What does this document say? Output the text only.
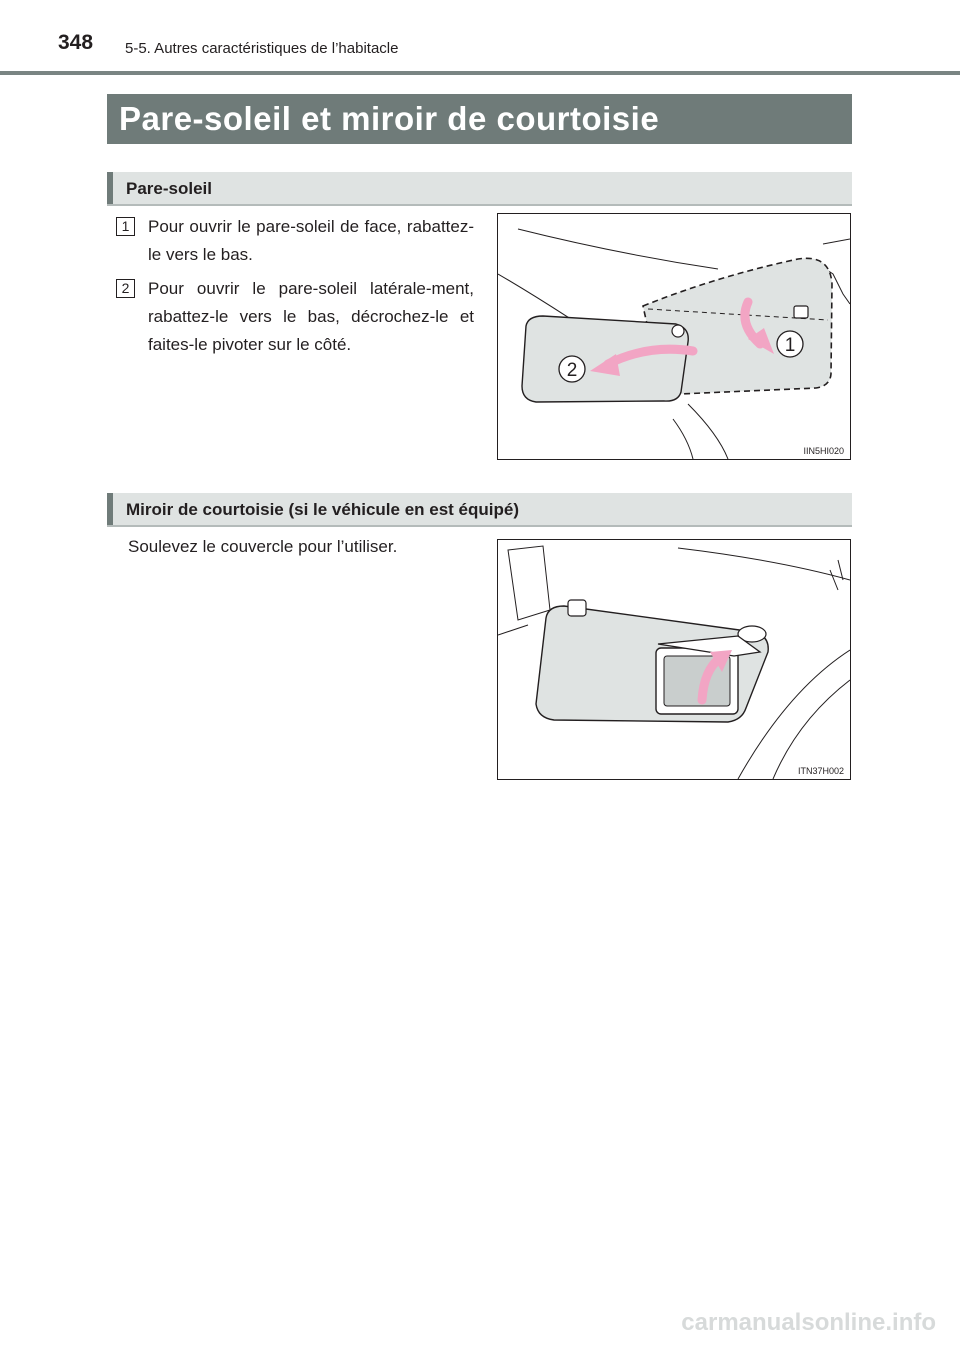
348 5-5. Autres caractéristiques de l’habitacle
Pare-soleil et miroir de courtoisie
Pare-soleil
1	Pour ouvrir le pare-soleil de face, rabattez-le vers le bas.
2	Pour ouvrir le pare-soleil latérale-ment, rabattez-le vers le bas, décrochez-le et faites-le pivoter sur le côté.	1
2
IIN5HI020
Miroir de courtoisie (si le véhicule en est équipé)
Soulevez le couvercle pour l’utiliser.
ITN37H002
carmanualsonline.info
